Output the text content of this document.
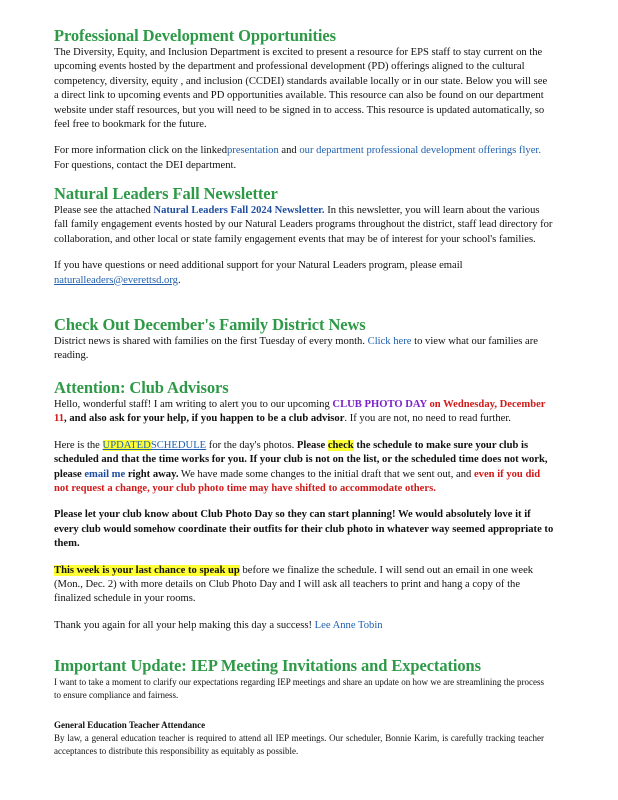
Professional Development Opportunities

The Diversity, Equity, and Inclusion Department is excited to present a resource for EPS staff to stay current on the upcoming events hosted by the department and professional development (PD) offerings aligned to the cultural competency, diversity, equity , and inclusion (CCDEI) standards available locally or in our state. Below you will see a direct link to upcoming events and PD opportunities available. This resource can also be found on our department website under staff resources, but you will need to be signed in to access. This resource is updated automatically, so feel free to bookmark for the future.

For more information click on the linkedpresentation and our department professional development offerings flyer. For questions, contact the DEI department.

Natural Leaders Fall Newsletter

Please see the attached Natural Leaders Fall 2024 Newsletter. In this newsletter, you will learn about the various fall family engagement events hosted by our Natural Leaders programs throughout the district, staff lead directory for collaboration, and other local or state family engagement events that may be of interest for your school's families.

If you have questions or need additional support for your Natural Leaders program, please email
naturalleaders@everettsd.org.

Check Out December's Family District News

District news is shared with families on the first Tuesday of every month. Click here to view what our families are reading.

Attention: Club Advisors

Hello, wonderful staff! I am writing to alert you to our upcoming CLUB PHOTO DAY on Wednesday, December 11, and also ask for your help, if you happen to be a club advisor. If you are not, no need to read further.

Here is the UPDATEDSCHEDULE for the day's photos. Please check the schedule to make sure your club is scheduled and that the time works for you. If your club is not on the list, or the scheduled time does not work, please email me right away. We have made some changes to the initial draft that we sent out, and even if you did not request a change, your club photo time may have shifted to accommodate others.

Please let your club know about Club Photo Day so they can start planning! We would absolutely love it if every club would somehow coordinate their outfits for their club photo in whatever way seemed appropriate to them.

This week is your last chance to speak up before we finalize the schedule. I will send out an email in one week (Mon., Dec. 2) with more details on Club Photo Day and I will ask all teachers to print and hang a copy of the finalized schedule in your rooms.

Thank you again for all your help making this day a success! Lee Anne Tobin

Important Update: IEP Meeting Invitations and Expectations

I want to take a moment to clarify our expectations regarding IEP meetings and share an update on how we are streamlining the process to ensure compliance and fairness.

General Education Teacher Attendance

By law, a general education teacher is required to attend all IEP meetings. Our scheduler, Bonnie Karim, is carefully tracking teacher acceptances to distribute this responsibility as equitably as possible.
